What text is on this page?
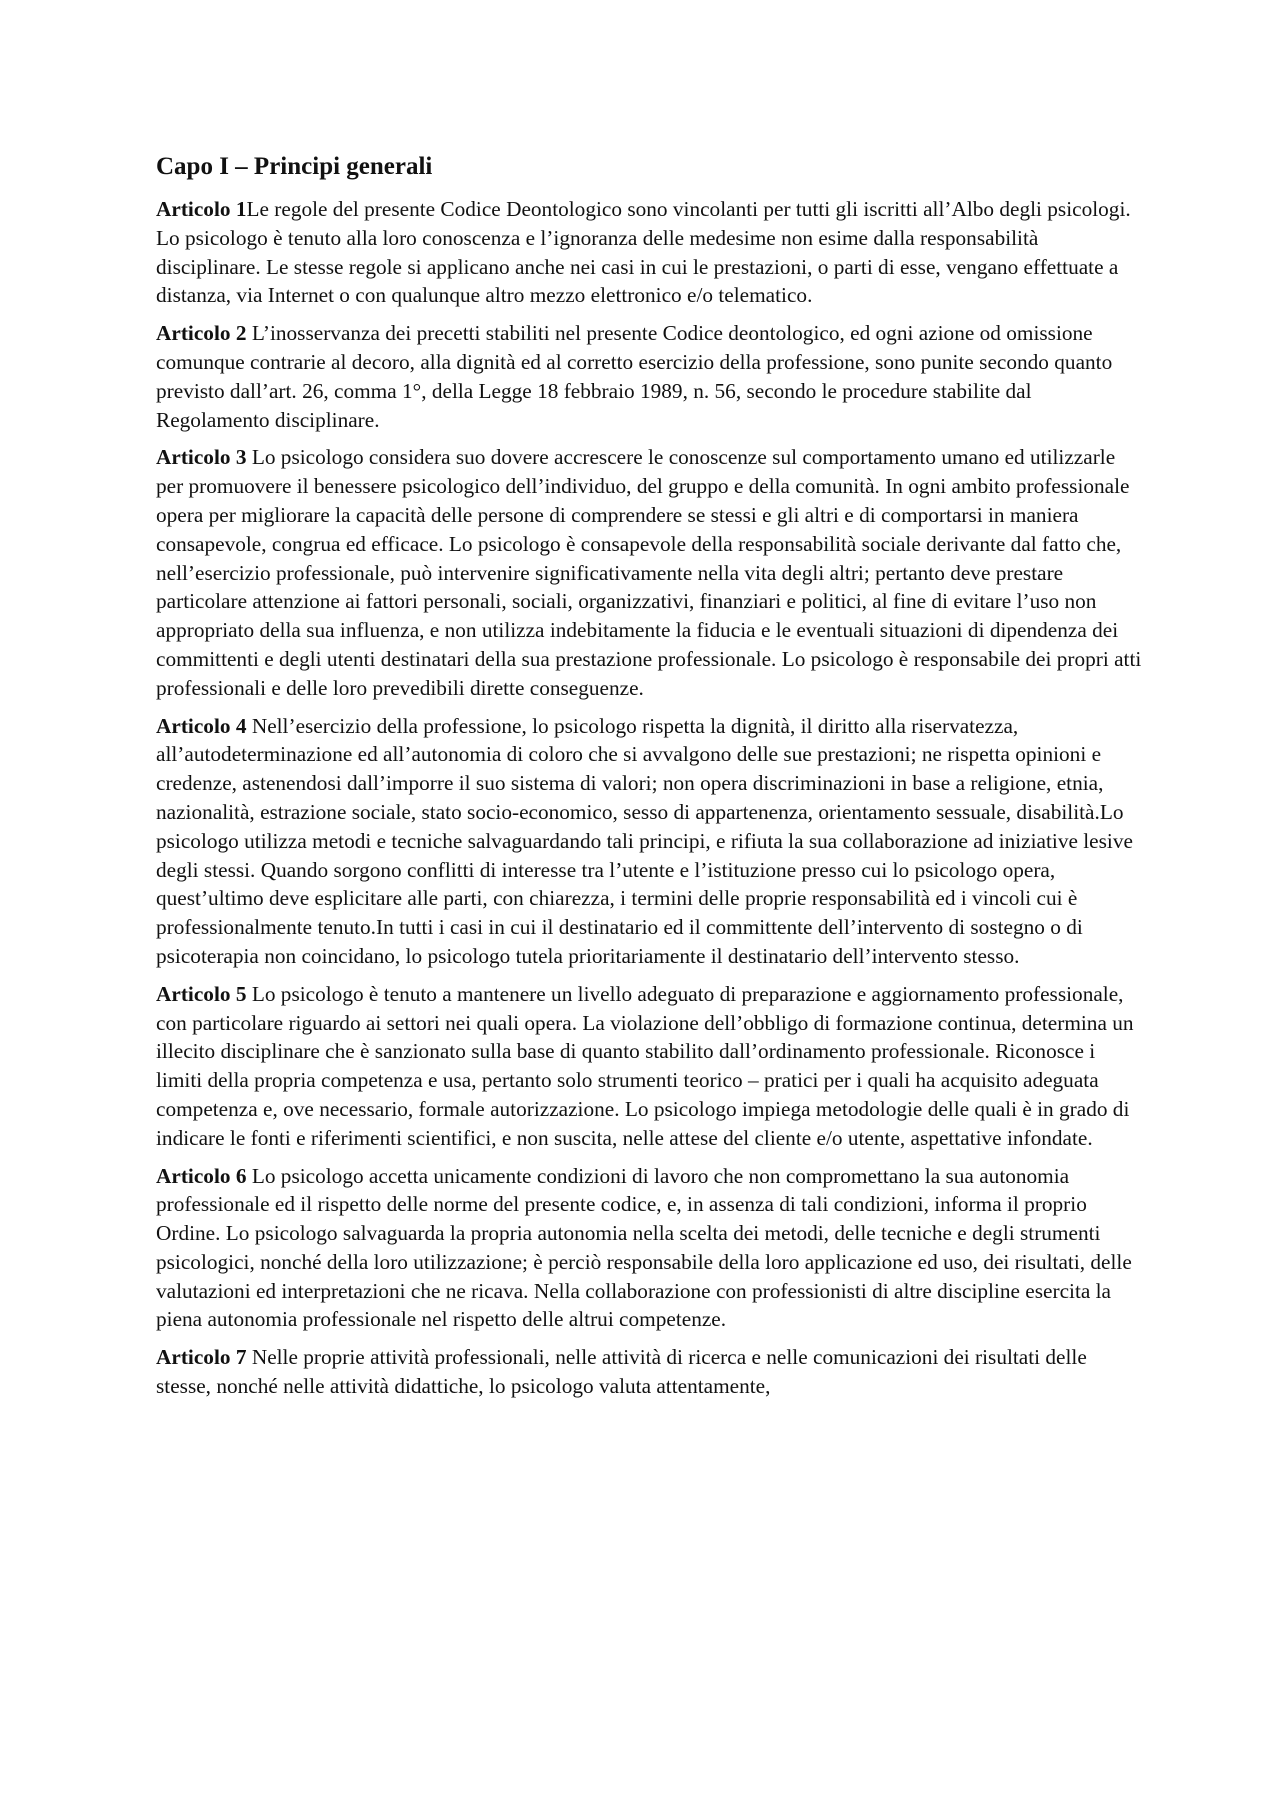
Capo I – Principi generali

Articolo 1Le regole del presente Codice Deontologico sono vincolanti per tutti gli iscritti all’Albo degli psicologi. Lo psicologo è tenuto alla loro conoscenza e l’ignoranza delle medesime non esime dalla responsabilità disciplinare. Le stesse regole si applicano anche nei casi in cui le prestazioni, o parti di esse, vengano effettuate a distanza, via Internet o con qualunque altro mezzo elettronico e/o telematico.

Articolo 2 L’inosservanza dei precetti stabiliti nel presente Codice deontologico, ed ogni azione od omissione comunque contrarie al decoro, alla dignità ed al corretto esercizio della professione, sono punite secondo quanto previsto dall’art. 26, comma 1°, della Legge 18 febbraio 1989, n. 56, secondo le procedure stabilite dal Regolamento disciplinare.

Articolo 3 Lo psicologo considera suo dovere accrescere le conoscenze sul comportamento umano ed utilizzarle per promuovere il benessere psicologico dell’individuo, del gruppo e della comunità. In ogni ambito professionale opera per migliorare la capacità delle persone di comprendere se stessi e gli altri e di comportarsi in maniera consapevole, congrua ed efficace. Lo psicologo è consapevole della responsabilità sociale derivante dal fatto che, nell’esercizio professionale, può intervenire significativamente nella vita degli altri; pertanto deve prestare particolare attenzione ai fattori personali, sociali, organizzativi, finanziari e politici, al fine di evitare l’uso non appropriato della sua influenza, e non utilizza indebitamente la fiducia e le eventuali situazioni di dipendenza dei committenti e degli utenti destinatari della sua prestazione professionale. Lo psicologo è responsabile dei propri atti professionali e delle loro prevedibili dirette conseguenze.

Articolo 4 Nell’esercizio della professione, lo psicologo rispetta la dignità, il diritto alla riservatezza, all’autodeterminazione ed all’autonomia di coloro che si avvalgono delle sue prestazioni; ne rispetta opinioni e credenze, astenendosi dall’imporre il suo sistema di valori; non opera discriminazioni in base a religione, etnia, nazionalità, estrazione sociale, stato socio-economico, sesso di appartenenza, orientamento sessuale, disabilità.Lo psicologo utilizza metodi e tecniche salvaguardando tali principi, e rifiuta la sua collaborazione ad iniziative lesive degli stessi. Quando sorgono conflitti di interesse tra l’utente e l’istituzione presso cui lo psicologo opera, quest’ultimo deve esplicitare alle parti, con chiarezza, i termini delle proprie responsabilità ed i vincoli cui è professionalmente tenuto.In tutti i casi in cui il destinatario ed il committente dell’intervento di sostegno o di psicoterapia non coincidano, lo psicologo tutela prioritariamente il destinatario dell’intervento stesso.

Articolo 5 Lo psicologo è tenuto a mantenere un livello adeguato di preparazione e aggiornamento professionale, con particolare riguardo ai settori nei quali opera. La violazione dell’obbligo di formazione continua, determina un illecito disciplinare che è sanzionato sulla base di quanto stabilito dall’ordinamento professionale. Riconosce i limiti della propria competenza e usa, pertanto solo strumenti teorico – pratici per i quali ha acquisito adeguata competenza e, ove necessario, formale autorizzazione. Lo psicologo impiega metodologie delle quali è in grado di indicare le fonti e riferimenti scientifici, e non suscita, nelle attese del cliente e/o utente, aspettative infondate.

Articolo 6 Lo psicologo accetta unicamente condizioni di lavoro che non compromettano la sua autonomia professionale ed il rispetto delle norme del presente codice, e, in assenza di tali condizioni, informa il proprio Ordine. Lo psicologo salvaguarda la propria autonomia nella scelta dei metodi, delle tecniche e degli strumenti psicologici, nonché della loro utilizzazione; è perciò responsabile della loro applicazione ed uso, dei risultati, delle valutazioni ed interpretazioni che ne ricava. Nella collaborazione con professionisti di altre discipline esercita la piena autonomia professionale nel rispetto delle altrui competenze.

Articolo 7 Nelle proprie attività professionali, nelle attività di ricerca e nelle comunicazioni dei risultati delle stesse, nonché nelle attività didattiche, lo psicologo valuta attentamente,
